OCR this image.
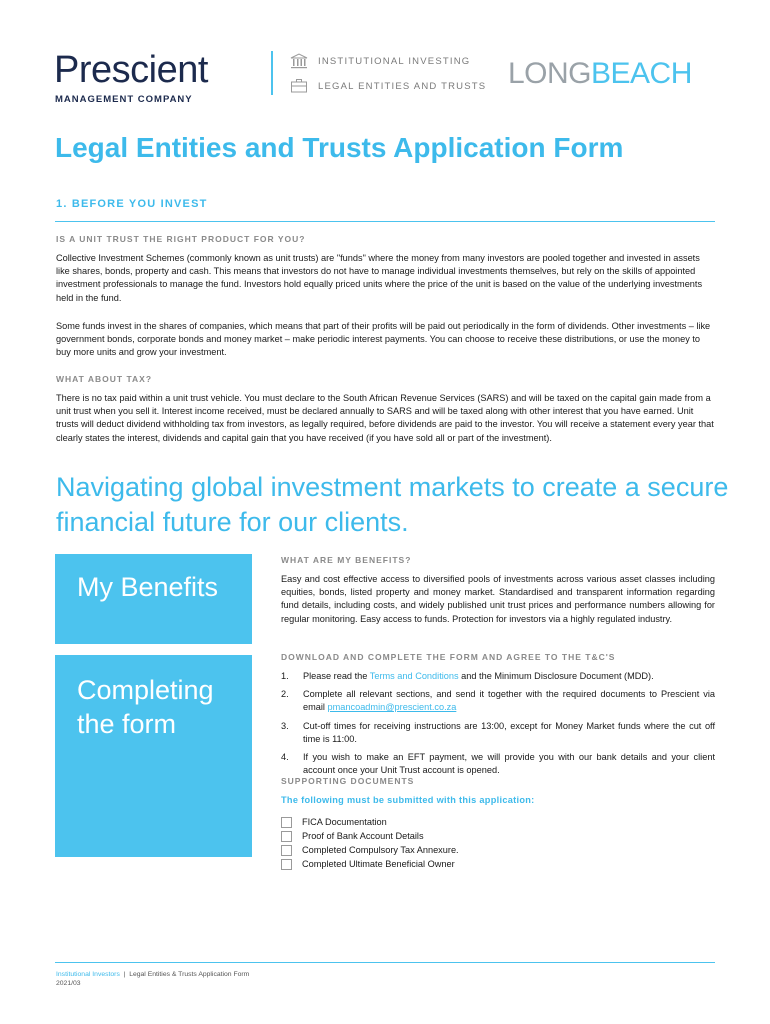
Prescient
MANAGEMENT COMPANY
INSTITUTIONAL INVESTING
LEGAL ENTITIES AND TRUSTS LONGBEACH
Legal Entities and Trusts Application Form
1. BEFORE YOU INVEST
IS A UNIT TRUST THE RIGHT PRODUCT FOR YOU?
Collective Investment Schemes (commonly known as unit trusts) are "funds" where the money from many investors are pooled together and invested in assets like shares, bonds, property and cash. This means that investors do not have to manage individual investments themselves, but rely on the skills of appointed investment professionals to manage the fund. Investors hold equally priced units where the price of the unit is based on the value of the underlying investments held in the fund.
Some funds invest in the shares of companies, which means that part of their profits will be paid out periodically in the form of dividends. Other investments – like government bonds, corporate bonds and money market – make periodic interest payments. You can choose to receive these distributions, or use the money to buy more units and grow your investment.
WHAT ABOUT TAX?
There is no tax paid within a unit trust vehicle. You must declare to the South African Revenue Services (SARS) and will be taxed on the capital gain made from a unit trust when you sell it. Interest income received, must be declared annually to SARS and will be taxed along with other interest that you have earned. Unit trusts will deduct dividend withholding tax from investors, as legally required, before dividends are paid to the investor. You will receive a statement every year that clearly states the interest, dividends and capital gain that you have received (if you have sold all or part of the investment).
Navigating global investment markets to create a secure financial future for our clients.
My Benefits
WHAT ARE MY BENEFITS?
Easy and cost effective access to diversified pools of investments across various asset classes including equities, bonds, listed property and money market. Standardised and transparent information regarding fund details, including costs, and widely published unit trust prices and performance numbers allowing for regular monitoring. Easy access to funds. Protection for investors via a highly regulated industry.
Completing
the form
DOWNLOAD AND COMPLETE THE FORM AND AGREE TO THE T&C'S
1. Please read the Terms and Conditions and the Minimum Disclosure Document (MDD).
2. Complete all relevant sections, and send it together with the required documents to Prescient via email pmancoadmin@prescient.co.za
3. Cut-off times for receiving instructions are 13:00, except for Money Market funds where the cut off time is 11:00.
4. If you wish to make an EFT payment, we will provide you with our bank details and your client account once your Unit Trust account is opened.
SUPPORTING DOCUMENTS
The following must be submitted with this application:
FICA Documentation
Proof of Bank Account Details
Completed Compulsory Tax Annexure.
Completed Ultimate Beneficial Owner
Institutional Investors  |  Legal Entities & Trusts Application Form
2021/03
